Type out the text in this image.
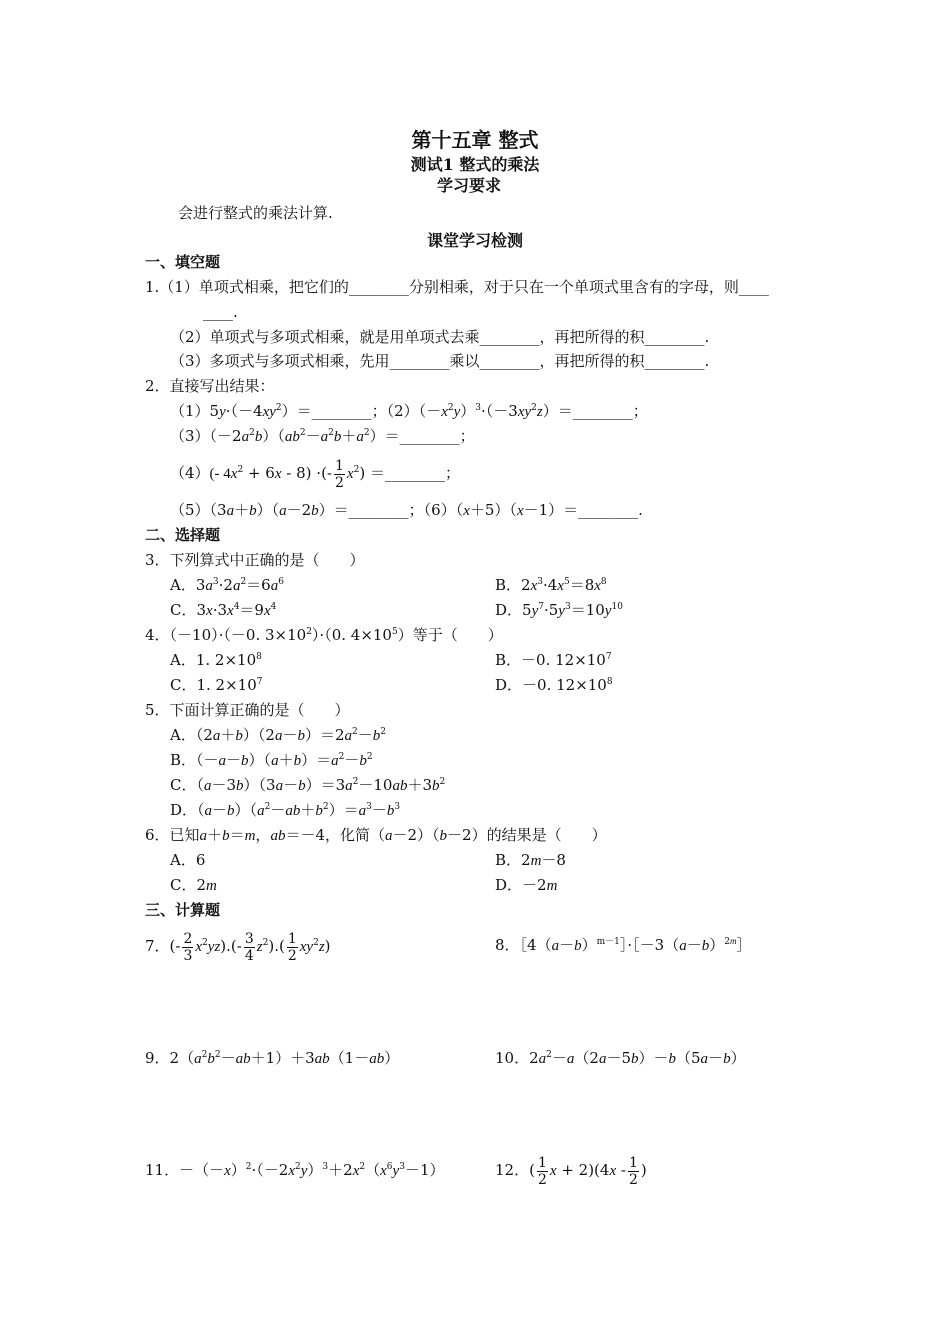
第十五章 整式
测试1 整式的乘法
学习要求
会进行整式的乘法计算.
课堂学习检测
一、填空题
1.（1）单项式相乘，把它们的________分别相乘，对于只在一个单项式里含有的字母，则____
____.
（2）单项式与多项式相乘，就是用单项式去乘________，再把所得的积________.
（3）多项式与多项式相乘，先用________乘以________，再把所得的积________.
2．直接写出结果：
$(1)5y\cdot(-4xy^2)=\_\_\_\_\_\_\_\_$；$(2)(-x^2y)^3\cdot(-3xy^2z)=\_\_\_\_\_\_\_\_$；
$(3)(-2a^2b)(ab^2-a^2b+a^2)=\_\_\_\_\_\_\_\_$；
（4）(- $4x^2 + 6x - 8$) ·(- $\frac{1}{2} x^2$) ＝________；
（5）（3a＋b）（a－2b）＝________；（6）（x＋5）（x－1）＝________.
二、选择题
3．下列算式中正确的是（　　）
A．$3a^3\cdot 2a^2=6a^6$	B．$2x^3\cdot 4x^5=8x^8$
C．$3x\cdot 3x^4=9x^4$	D．$5y^7\cdot 5y^3=10y^{10}$
4．（－10）·（－0. $3\times 10^2)\cdot(0$. $4\times 10^5$）等于（　　）
A．1. $2\times 10^8$	B．－0. $12\times 10^7$
C．1. $2\times 10^7$	D．－0. $12\times 10^8$
5．下面计算正确的是（　　）
A．$(2a+b)(2a-b)=2a^2-b^2$
B．$(-a-b)(a+b)=a^2-b^2$
C．$(a-3b)(3a-b)=3a^2-10ab+3b^2$
D．$(a-b)(a^2-ab+b^2)=a^3-b^3$
6．已知a＋b＝m，ab＝－4，化简（a－2）（b－2）的结果是（　　）
A．6	B．2m－8
C．2m	D．－2m
三、计算题
7．(- $\frac{2}{3} x^2yz).(- \frac{3}{4} z^2).( \frac{1}{2} xy^2z)$	8．$[4(a-b)^{m-1}]\cdot[-3(a-b)^{2m}]$
9．$2(a^2b^2-ab+1)+3ab(1-ab)$	10．$2a^2-a(2a-5b)-b(5a-b)$
11．$-(-x)^2\cdot(-2x^2y)^3+2x^2(x^6y^3-1)$	12．( $\frac{1}{2}$ $x + 2)(4x - \frac{1}{2}$ )
